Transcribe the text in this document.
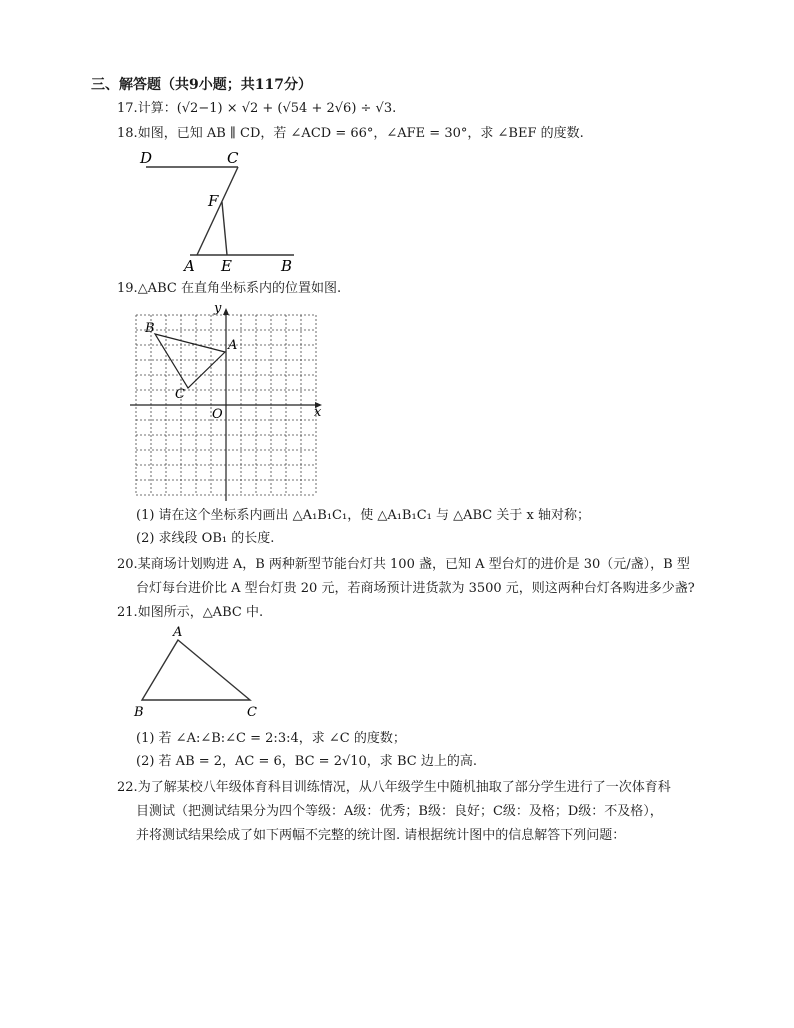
三、解答题（共9小题；共117分）
17.计算：(√2−1) × √2 + (√54 + 2√6) ÷ √3.
18.如图，已知 AB ∥ CD，若 ∠ACD = 66°，∠AFE = 30°，求 ∠BEF 的度数.
D	C
F
A E	B
19.△ABC 在直角坐标系内的位置如图.
x
y
O
B
A
C
(1) 请在这个坐标系内画出 △A₁B₁C₁，使 △A₁B₁C₁ 与 △ABC 关于 x 轴对称；
(2) 求线段 OB₁ 的长度.
20.某商场计划购进 A，B 两种新型节能台灯共 100 盏，已知 A 型台灯的进价是 30（元/盏），B 型
台灯每台进价比 A 型台灯贵 20 元，若商场预计进货款为 3500 元，则这两种台灯各购进多少盏?
21.如图所示，△ABC 中.
A
B	C
(1) 若 ∠A:∠B:∠C = 2:3:4，求 ∠C 的度数；
(2) 若 AB = 2，AC = 6，BC = 2√10，求 BC 边上的高.
22.为了解某校八年级体育科目训练情况，从八年级学生中随机抽取了部分学生进行了一次体育科
目测试（把测试结果分为四个等级：A级：优秀；B级：良好；C级：及格；D级：不及格），
并将测试结果绘成了如下两幅不完整的统计图. 请根据统计图中的信息解答下列问题：
